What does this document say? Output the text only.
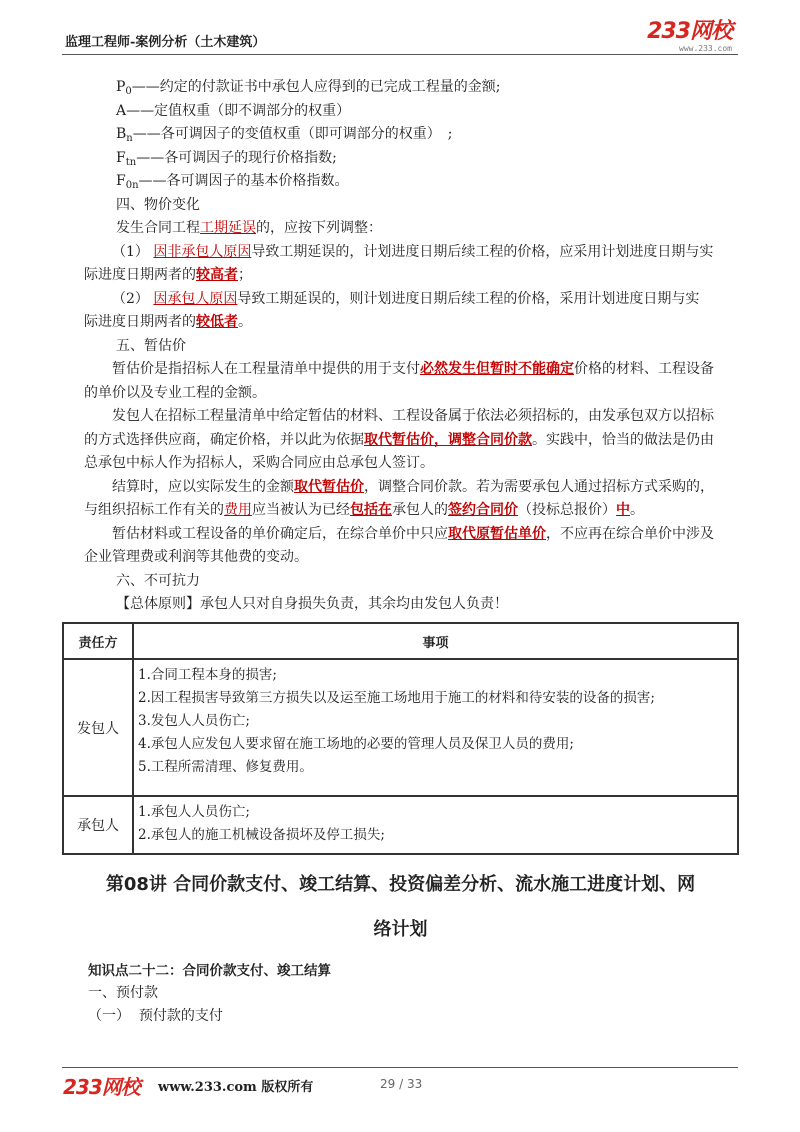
监理工程师-案例分析（土木建筑）	233网校
www.233.com
$P_0——$约定的付款证书中承包人应得到的已完成工程量的金额;
A——定值权重（即不调部分的权重）
$B_n——$各可调因子的变值权重（即可调部分的权重）　;
$F_{tn}——$各可调因子的现行价格指数;
$F_{0n}——$各可调因子的基本价格指数。
四、物价变化
发生合同工程工期延误的，应按下列调整：
（1） 因非承包人原因导致工期延误的，计划进度日期后续工程的价格，应采用计划进度日期与实
际进度日期两者的较高者；
（2） 因承包人原因导致工期延误的，则计划进度日期后续工程的价格，采用计划进度日期与实
际进度日期两者的较低者。
五、暂估价
暂估价是指招标人在工程量清单中提供的用于支付必然发生但暂时不能确定价格的材料、工程设备
的单价以及专业工程的金额。
发包人在招标工程量清单中给定暂估的材料、工程设备属于依法必须招标的，由发承包双方以招标
的方式选择供应商，确定价格，并以此为依据取代暂估价，调整合同价款。实践中，恰当的做法是仍由
总承包中标人作为招标人，采购合同应由总承包人签订。
结算时，应以实际发生的金额取代暂估价，调整合同价款。若为需要承包人通过招标方式采购的，
与组织招标工作有关的费用应当被认为已经包括在承包人的签约合同价（投标总报价）中。
暂估材料或工程设备的单价确定后，在综合单价中只应取代原暂估单价，不应再在综合单价中涉及
企业管理费或利润等其他费的变动。
六、不可抗力
【总体原则】承包人只对自身损失负责，其余均由发包人负责！
责任方	事项
发包人	1.合同工程本身的损害;
2.因工程损害导致第三方损失以及运至施工场地用于施工的材料和待安装的设备的损害;
3.发包人人员伤亡;
4.承包人应发包人要求留在施工场地的必要的管理人员及保卫人员的费用;
5.工程所需清理、修复费用。

承包人	1.承包人人员伤亡;
2.承包人的施工机械设备损坏及停工损失;
第08讲 合同价款支付、竣工结算、投资偏差分析、流水施工进度计划、网
络计划
知识点二十二：合同价款支付、竣工结算
一、预付款
（一）  预付款的支付
233网校 www.233.com 版权所有	29 / 33
